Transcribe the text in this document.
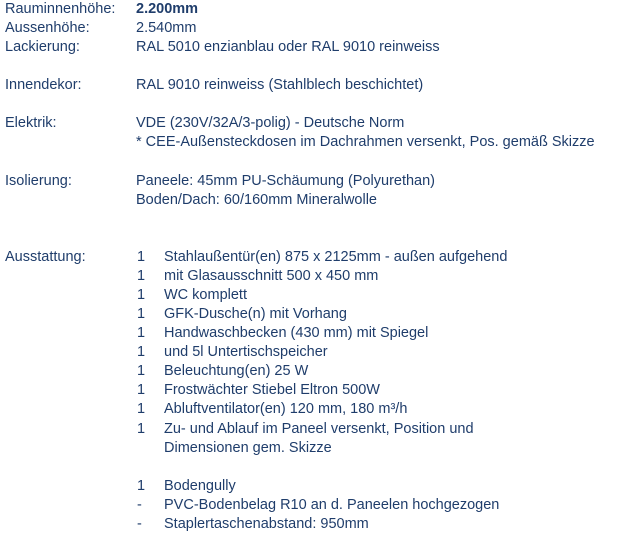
Rauminnenhöhe: 2.200mm
Aussenhöhe:	2.540mm
Lackierung:	RAL 5010 enzianblau oder RAL 9010 reinweiss
Innendekor:	RAL 9010 reinweiss (Stahlblech beschichtet)
Elektrik:	VDE (230V/32A/3-polig) - Deutsche Norm
* CEE-Außensteckdosen im Dachrahmen versenkt, Pos. gemäß Skizze
Isolierung:	Paneele: 45mm PU-Schäumung (Polyurethan)
Boden/Dach: 60/160mm Mineralwolle
Ausstattung:	1 Stahlaußentür(en) 875 x 2125mm - außen aufgehend
1 mit Glasausschnitt 500 x 450 mm
1 WC komplett
1 GFK-Dusche(n) mit Vorhang
1 Handwaschbecken (430 mm) mit Spiegel
1 und 5l Untertischspeicher
1 Beleuchtung(en) 25 W
1 Frostwächter Stiebel Eltron 500W
1 Abluftventilator(en) 120 mm, 180 m³/h
1 Zu- und Ablauf im Paneel versenkt, Position und
Dimensionen gem. Skizze
1 Bodengully
- PVC-Bodenbelag R10 an d. Paneelen hochgezogen
- Staplertaschenabstand: 950mm
